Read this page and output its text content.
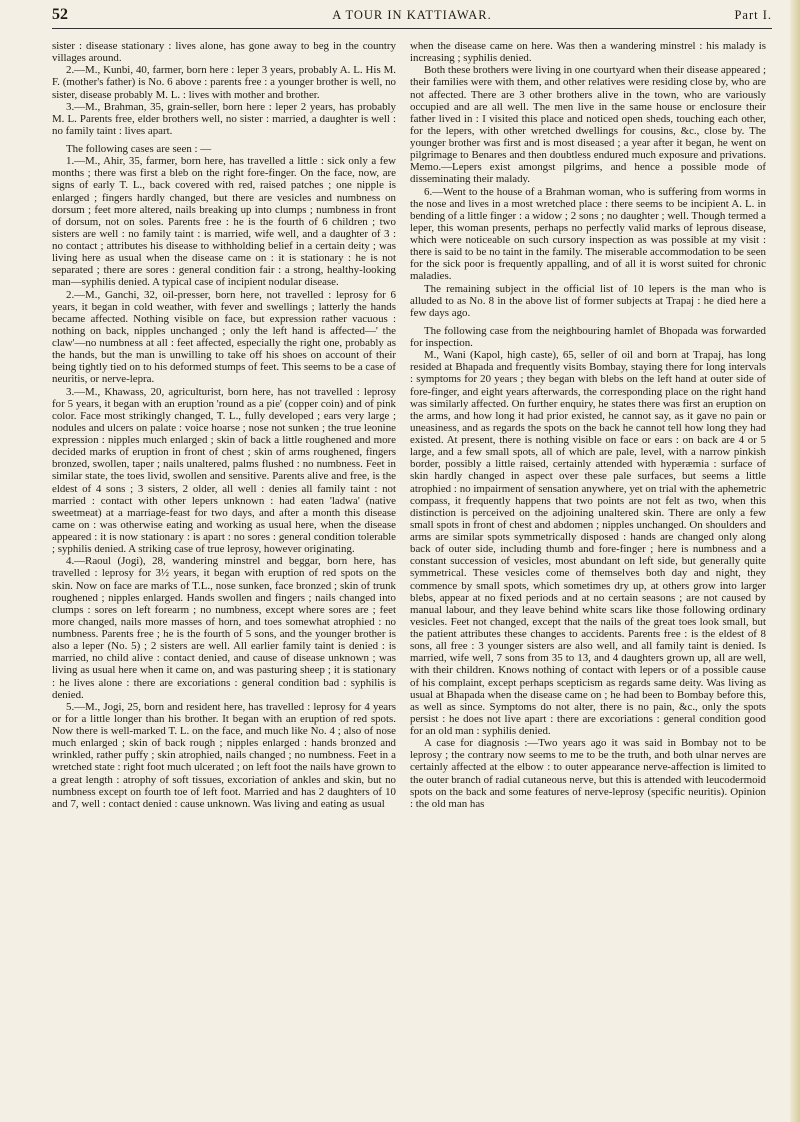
52	A TOUR IN KATTIAWAR.	Part I.

sister : disease stationary : lives alone, has gone away to beg in the country villages around.

2.—M., Kunbi, 40, farmer, born here : leper 3 years, probably A. L. His M. F. (mother's father) is No. 6 above : parents free : a younger brother is well, no sister, disease probably M. L. : lives with mother and brother.

3.—M., Brahman, 35, grain-seller, born here : leper 2 years, has probably M. L. Parents free, elder brothers well, no sister : married, a daughter is well : no family taint : lives apart.

The following cases are seen : —

1.—M., Ahir, 35, farmer, born here, has travelled a little : sick only a few months ; there was first a bleb on the right fore-finger. On the face, now, are signs of early T. L., back covered with red, raised patches ; one nipple is enlarged ; fingers hardly changed, but there are vesicles and numbness on dorsum ; feet more altered, nails breaking up into clumps ; numbness in front of dorsum, not on soles. Parents free : he is the fourth of 6 children ; two sisters are well : no family taint : is married, wife well, and a daughter of 3 : no contact ; attributes his disease to withholding belief in a certain deity ; was living here as usual when the disease came on : it is stationary : he is not separated ; there are sores : general condition fair : a strong, healthy-looking man—syphilis denied. A typical case of incipient nodular disease.

2.—M., Ganchi, 32, oil-presser, born here, not travelled : leprosy for 6 years, it began in cold weather, with fever and swellings ; latterly the hands became affected. Nothing visible on face, but expression rather vacuous : nothing on back, nipples unchanged ; only the left hand is affected—' the claw'—no numbness at all : feet affected, especially the right one, probably as the hands, but the man is unwilling to take off his shoes on account of their being tightly tied on to his deformed stumps of feet. This seems to be a case of neuritis, or nerve-lepra.

3.—M., Khawass, 20, agriculturist, born here, has not travelled : leprosy for 5 years, it began with an eruption 'round as a pie' (copper coin) and of pink color. Face most strikingly changed, T. L., fully developed ; ears very large ; nodules and ulcers on palate : voice hoarse ; nose not sunken ; the true leonine expression : nipples much enlarged ; skin of back a little roughened and more decided marks of eruption in front of chest ; skin of arms roughened, fingers bronzed, swollen, taper ; nails unaltered, palms flushed : no numbness. Feet in similar state, the toes livid, swollen and sensitive. Parents alive and free, is the eldest of 4 sons ; 3 sisters, 2 older, all well : denies all family taint : not married : contact with other lepers unknown : had eaten 'ladwa' (native sweetmeat) at a marriage-feast for two days, and after a month this disease came on : was otherwise eating and working as usual here, when the disease appeared : it is now stationary : is apart : no sores : general condition tolerable ; syphilis denied. A striking case of true leprosy, however originating.

4.—Raoul (Jogi), 28, wandering minstrel and beggar, born here, has travelled : leprosy for 3½ years, it began with eruption of red spots on the skin. Now on face are marks of T.L., nose sunken, face bronzed ; skin of trunk roughened ; nipples enlarged. Hands swollen and fingers ; nails changed into clumps : sores on left forearm ; no numbness, except where sores are ; feet more changed, nails more masses of horn, and toes somewhat atrophied : no numbness. Parents free ; he is the fourth of 5 sons, and the younger brother is also a leper (No. 5) ; 2 sisters are well. All earlier family taint is denied : is married, no child alive : contact denied, and cause of disease unknown ; was living as usual here when it came on, and was pasturing sheep ; it is stationary : he lives alone : there are excoriations : general condition bad : syphilis is denied.

5.—M., Jogi, 25, born and resident here, has travelled : leprosy for 4 years or for a little longer than his brother. It began with an eruption of red spots. Now there is well-marked T. L. on the face, and much like No. 4 ; also of nose much enlarged ; skin of back rough ; nipples enlarged : hands bronzed and wrinkled, rather puffy ; skin atrophied, nails changed ; no numbness. Feet in a wretched state : right foot much ulcerated ; on left foot the nails have grown to a great length : atrophy of soft tissues, excoriation of ankles and skin, but no numbness except on fourth toe of left foot. Married and has 2 daughters of 10 and 7, well : contact denied : cause unknown. Was living and eating as usual

when the disease came on here. Was then a wandering minstrel : his malady is increasing ; syphilis denied.

Both these brothers were living in one courtyard when their disease appeared ; their families were with them, and other relatives were residing close by, who are not affected. There are 3 other brothers alive in the town, who are variously occupied and are all well. The men live in the same house or enclosure their father lived in : I visited this place and noticed open sheds, touching each other, for the lepers, with other wretched dwellings for cousins, &c., close by. The younger brother was first and is most diseased ; a year after it began, he went on pilgrimage to Benares and then doubtless endured much exposure and privations. Memo.—Lepers exist amongst pilgrims, and hence a possible mode of disseminating their malady.

6.—Went to the house of a Brahman woman, who is suffering from worms in the nose and lives in a most wretched place : there seems to be incipient A. L. in bending of a little finger : a widow ; 2 sons ; no daughter ; well. Though termed a leper, this woman presents, perhaps no perfectly valid marks of leprous disease, which were noticeable on such cursory inspection as was possible at my visit : there is said to be no taint in the family. The miserable accommodation to be seen for the sick poor is frequently appalling, and of all it is worst suited for chronic maladies.

The remaining subject in the official list of 10 lepers is the man who is alluded to as No. 8 in the above list of former subjects at Trapaj : he died here a few days ago.

The following case from the neighbouring hamlet of Bhopada was forwarded for inspection.

M., Wani (Kapol, high caste), 65, seller of oil and born at Trapaj, has long resided at Bhapada and frequently visits Bombay, staying there for long intervals : symptoms for 20 years ; they began with blebs on the left hand at outer side of fore-finger, and eight years afterwards, the corresponding place on the right hand was similarly affected. On further enquiry, he states there was first an eruption on the arms, and how long it had prior existed, he cannot say, as it gave no pain or uneasiness, and as regards the spots on the back he cannot tell how long they had existed. At present, there is nothing visible on face or ears : on back are 4 or 5 large, and a few small spots, all of which are pale, level, with a narrow pinkish border, possibly a little raised, certainly attended with hyperæmia : surface of skin hardly changed in aspect over these pale surfaces, but seems a little atrophied : no impairment of sensation anywhere, yet on trial with the aphemetric compass, it frequently happens that two points are not felt as two, when this distinction is perceived on the adjoining unaltered skin. There are only a few small spots in front of chest and abdomen ; nipples unchanged. On shoulders and arms are similar spots symmetrically disposed : hands are changed only along back of outer side, including thumb and fore-finger ; here is numbness and a constant succession of vesicles, most abundant on left side, but generally quite symmetrical. These vesicles come of themselves both day and night, they commence by small spots, which sometimes dry up, at others grow into larger blebs, appear at no fixed periods and at no certain seasons ; are not caused by manual labour, and they leave behind white scars like those following ordinary vesicles. Feet not changed, except that the nails of the great toes look small, but the patient attributes these changes to accidents. Parents free : is the eldest of 8 sons, all free : 3 younger sisters are also well, and all family taint is denied. Is married, wife well, 7 sons from 35 to 13, and 4 daughters grown up, all are well, with their children. Knows nothing of contact with lepers or of a possible cause of his complaint, except perhaps scepticism as regards same deity. Was living as usual at Bhapada when the disease came on ; he had been to Bombay before this, as well as since. Symptoms do not alter, there is no pain, &c., only the spots persist : he does not live apart : there are excoriations : general condition good for an old man : syphilis denied.

A case for diagnosis :—Two years ago it was said in Bombay not to be leprosy ; the contrary now seems to me to be the truth, and both ulnar nerves are certainly affected at the elbow : to outer appearance nerve-affection is limited to the outer branch of radial cutaneous nerve, but this is attended with leucodermoid spots on the back and some features of nerve-leprosy (specific neuritis). Opinion : the old man has
